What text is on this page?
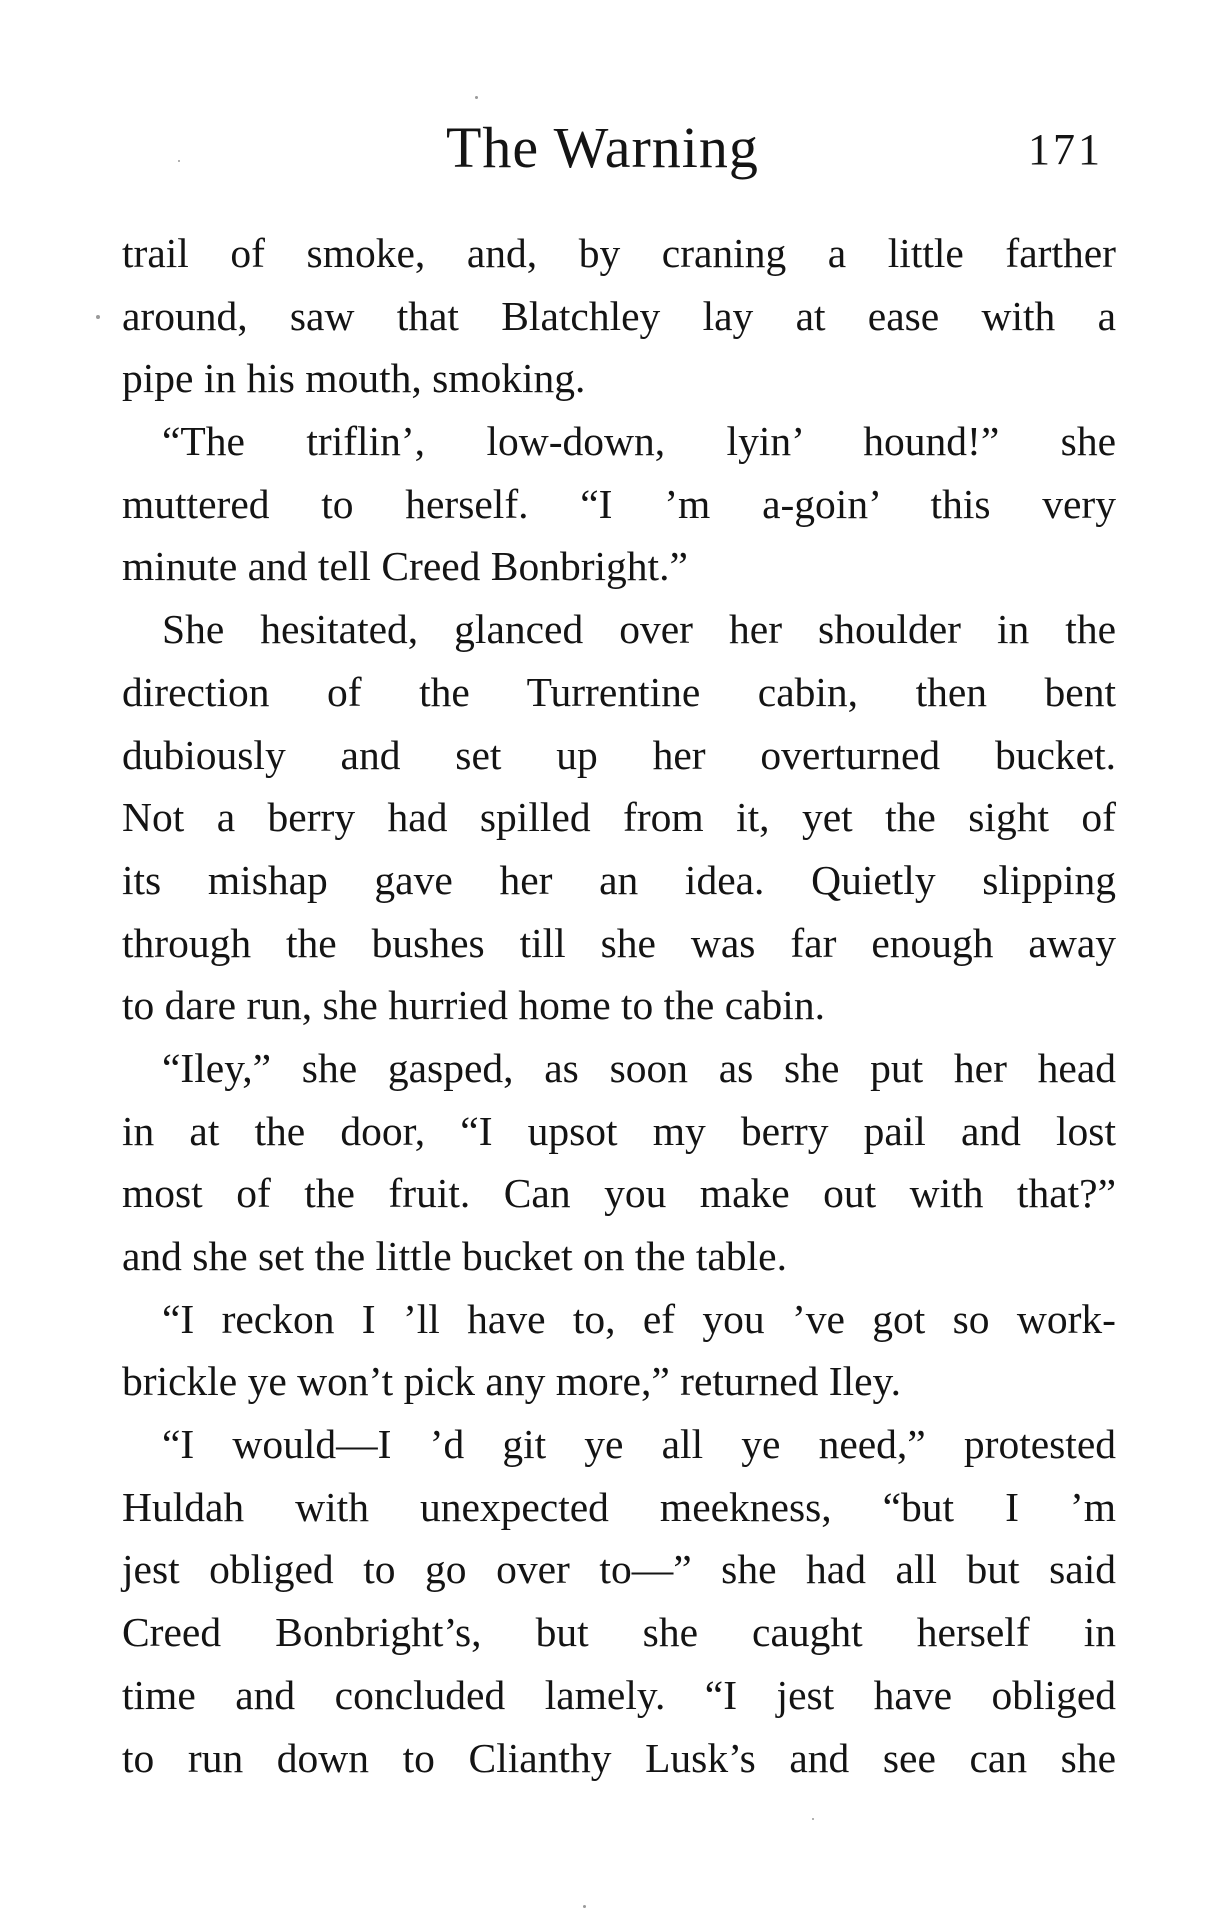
The Warning	171
trail of smoke, and, by craning a little farther
around, saw that Blatchley lay at ease with a
pipe in his mouth, smoking.
“The triflin’, low-down, lyin’ hound!” she
muttered to herself. “I ’m a-goin’ this very
minute and tell Creed Bonbright.”
She hesitated, glanced over her shoulder in the
direction of the Turrentine cabin, then bent
dubiously and set up her overturned bucket.
Not a berry had spilled from it, yet the sight of
its mishap gave her an idea. Quietly slipping
through the bushes till she was far enough away
to dare run, she hurried home to the cabin.
“Iley,” she gasped, as soon as she put her head
in at the door, “I upsot my berry pail and lost
most of the fruit. Can you make out with that?”
and she set the little bucket on the table.
“I reckon I ’ll have to, ef you ’ve got so work-
brickle ye won’t pick any more,” returned Iley.
“I would—I ’d git ye all ye need,” protested
Huldah with unexpected meekness, “but I ’m
jest obliged to go over to—” she had all but said
Creed Bonbright’s, but she caught herself in
time and concluded lamely. “I jest have obliged
to run down to Clianthy Lusk’s and see can she
